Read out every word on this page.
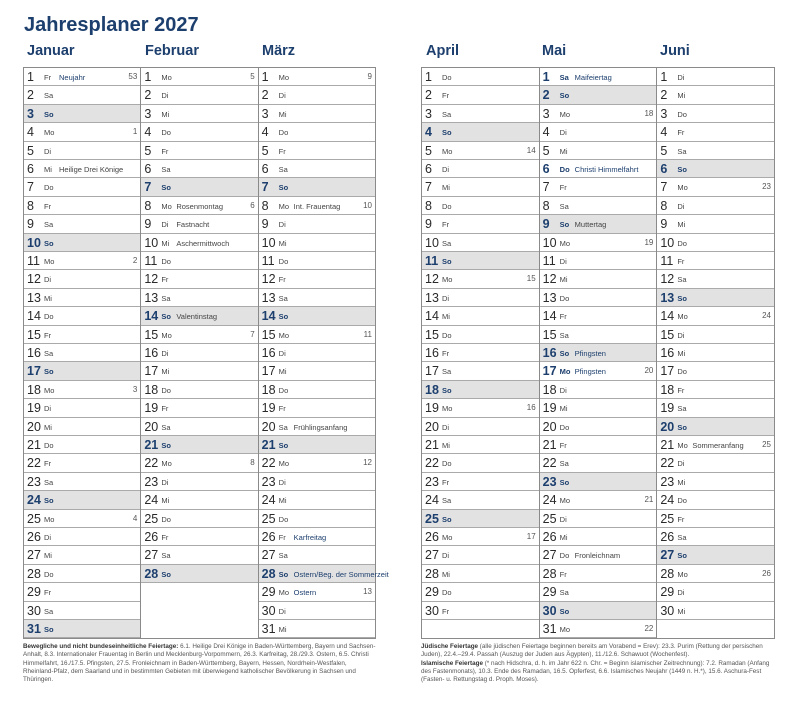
Jahresplaner 2027
Januar	Februar	März	April	Mai	Juni
1 Fr Neujahr	53
2 Sa
3 So
4 Mo	1
5 Di
6 Mi Heilige Drei Könige
7 Do
8 Fr
9 Sa
10 So
11 Mo	2
12 Di
13 Mi
14 Do
15 Fr
16 Sa
17 So
18 Mo	3
19 Di
20 Mi
21 Do
22 Fr
23 Sa
24 So
25 Mo	4
26 Di
27 Mi
28 Do
29 Fr
30 Sa
31 So
1 Mo	5
2 Di
3 Mi
4 Do
5 Fr
6 Sa
7 So
8 Mo Rosenmontag	6
9 Di Fastnacht
10 Mi Aschermittwoch
11 Do
12 Fr
13 Sa
14 So Valentinstag
15 Mo	7
16 Di
17 Mi
18 Do
19 Fr
20 Sa
21 So
22 Mo	8
23 Di
24 Mi
25 Do
26 Fr
27 Sa
28 So
1 Mo	9
2 Di
3 Mi
4 Do
5 Fr
6 Sa
7 So
8 Mo Int. Frauentag	10
9 Di
10 Mi
11 Do
12 Fr
13 Sa
14 So
15 Mo	11
16 Di
17 Mi
18 Do
19 Fr
20 Sa Frühlingsanfang
21 So
22 Mo	12
23 Di
24 Mi
25 Do
26 Fr Karfreitag
27 Sa
28 So Ostern/Beg. der Sommerzeit
29 Mo Ostern	13
30 Di
31 Mi
1 Do
2 Fr
3 Sa
4 So
5 Mo	14
6 Di
7 Mi
8 Do
9 Fr
10 Sa
11 So
12 Mo	15
13 Di
14 Mi
15 Do
16 Fr
17 Sa
18 So
19 Mo	16
20 Di
21 Mi
22 Do
23 Fr
24 Sa
25 So
26 Mo	17
27 Di
28 Mi
29 Do
30 Fr
1 Sa Maifeiertag
2 So
3 Mo	18
4 Di
5 Mi
6 Do Christi Himmelfahrt
7 Fr
8 Sa
9 So Muttertag
10 Mo	19
11 Di
12 Mi
13 Do
14 Fr
15 Sa
16 So Pfingsten
17 Mo Pfingsten	20
18 Di
19 Mi
20 Do
21 Fr
22 Sa
23 So
24 Mo	21
25 Di
26 Mi
27 Do Fronleichnam
28 Fr
29 Sa
30 So
31 Mo	22
1 Di
2 Mi
3 Do
4 Fr
5 Sa
6 So
7 Mo	23
8 Di
9 Mi
10 Do
11 Fr
12 Sa
13 So
14 Mo	24
15 Di
16 Mi
17 Do
18 Fr
19 Sa
20 So
21 Mo Sommeranfang 25
22 Di
23 Mi
24 Do
25 Fr
26 Sa
27 So
28 Mo	26
29 Di
30 Mi
Bewegliche und nicht bundeseinheitliche Feiertage: 6.1. Heilige Drei Könige in Baden-Württemberg, Bayern und Sachsen-Anhalt, 8.3. Internationaler Frauentag in Berlin und Mecklenburg-Vorpommern, 26.3. Karfreitag, 28./29.3. Ostern, 6.5. Christi Himmelfahrt, 16./17.5. Pfingsten, 27.5. Fronleichnam in Baden-Württemberg, Bayern, Hessen, Nordrhein-Westfalen, Rheinland-Pfalz, dem Saarland und in bestimmten Gebieten mit überwiegend katholischer Bevölkerung in Sachsen und Thüringen.
Jüdische Feiertage (alle jüdischen Feiertage beginnen bereits am Vorabend = Erev): 23.3. Purim (Rettung der persischen Juden), 22.4.–29.4. Passah (Auszug der Juden aus Ägypten), 11./12.6. Schawuot (Wochenfest).
Islamische Feiertage (* nach Hidschra, d. h. im Jahr 622 n. Chr. = Beginn islamischer Zeitrechnung): 7.2. Ramadan (Anfang des Fastenmonats), 10.3. Ende des Ramadan, 16.5. Opferfest, 6.6. Islamisches Neujahr (1449 n. H.*), 15.6. Aschura-Fest (Fasten- u. Rettungstag d. Proph. Moses).
